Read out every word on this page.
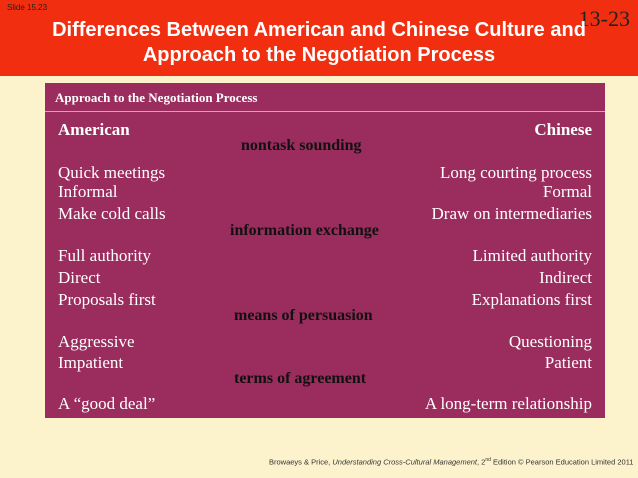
Slide 15.23	13-23
Differences Between American and Chinese Culture and
Approach to the Negotiation Process
Approach to the Negotiation Process
American	Chinese
Quick meetings	Long courting process
Informal	Formal
Make cold calls	Draw on intermediaries
Full authority	Limited authority
Direct	Indirect
Proposals first	Explanations first
Aggressive	Questioning
Impatient	Patient
A “good deal”	A long-term relationship
nontask sounding
information exchange
means of persuasion
terms of agreement
Browaeys & Price, Understanding Cross-Cultural Management, 2nd Edition © Pearson Education Limited 2011
